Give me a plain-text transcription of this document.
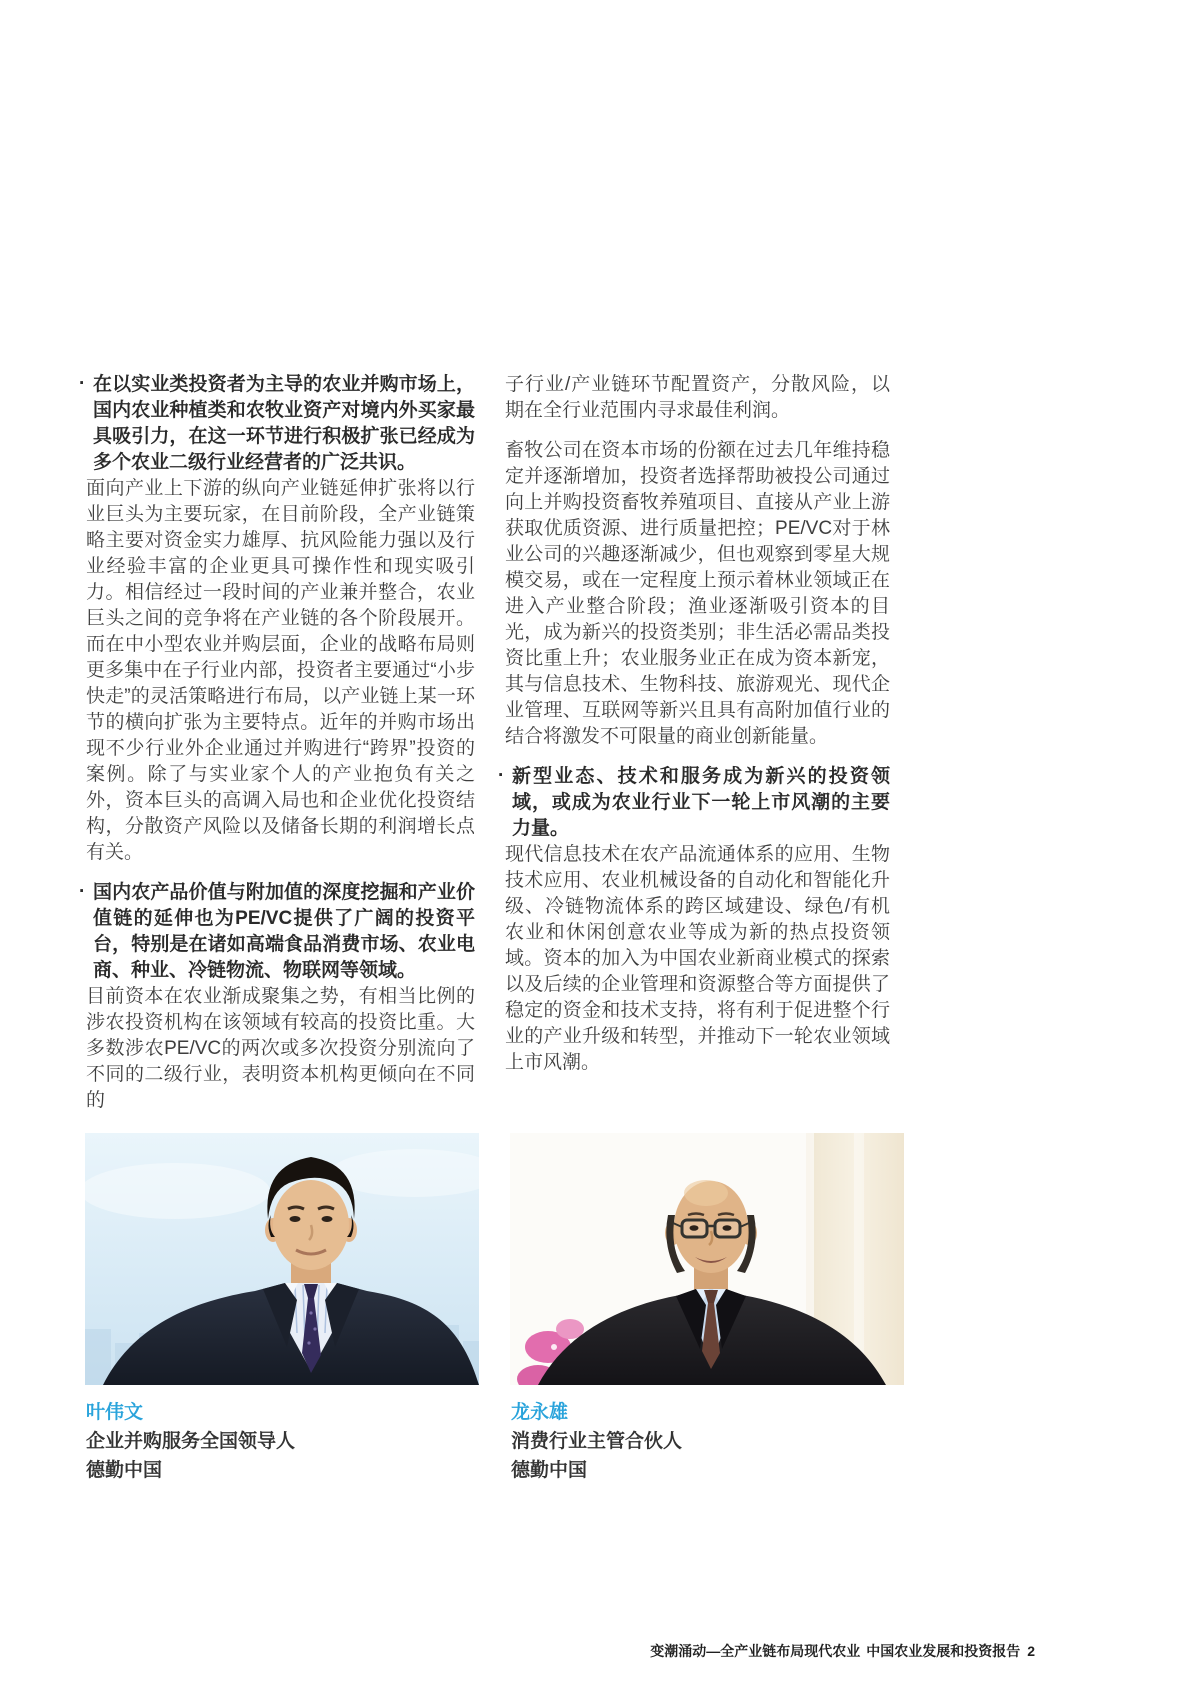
· 在以实业类投资者为主导的农业并购市场上，国内农业种植类和农牧业资产对境内外买家最具吸引力，在这一环节进行积极扩张已经成为多个农业二级行业经营者的广泛共识。

面向产业上下游的纵向产业链延伸扩张将以行业巨头为主要玩家，在目前阶段，全产业链策略主要对资金实力雄厚、抗风险能力强以及行业经验丰富的企业更具可操作性和现实吸引力。相信经过一段时间的产业兼并整合，农业巨头之间的竞争将在产业链的各个阶段展开。而在中小型农业并购层面，企业的战略布局则更多集中在子行业内部，投资者主要通过“小步快走”的灵活策略进行布局，以产业链上某一环节的横向扩张为主要特点。近年的并购市场出现不少行业外企业通过并购进行“跨界”投资的案例。除了与实业家个人的产业抱负有关之外，资本巨头的高调入局也和企业优化投资结构，分散资产风险以及储备长期的利润增长点有关。

· 国内农产品价值与附加值的深度挖掘和产业价值链的延伸也为PE/VC提供了广阔的投资平台，特别是在诸如高端食品消费市场、农业电商、种业、冷链物流、物联网等领域。

目前资本在农业渐成聚集之势，有相当比例的涉农投资机构在该领域有较高的投资比重。大多数涉农PE/VC的两次或多次投资分别流向了不同的二级行业，表明资本机构更倾向在不同的

子行业/产业链环节配置资产，分散风险，以期在全行业范围内寻求最佳利润。

畜牧公司在资本市场的份额在过去几年维持稳定并逐渐增加，投资者选择帮助被投公司通过向上并购投资畜牧养殖项目、直接从产业上游获取优质资源、进行质量把控；PE/VC对于林业公司的兴趣逐渐减少，但也观察到零星大规模交易，或在一定程度上预示着林业领域正在进入产业整合阶段；渔业逐渐吸引资本的目光，成为新兴的投资类别；非生活必需品类投资比重上升；农业服务业正在成为资本新宠，其与信息技术、生物科技、旅游观光、现代企业管理、互联网等新兴且具有高附加值行业的结合将激发不可限量的商业创新能量。

· 新型业态、技术和服务成为新兴的投资领域，或成为农业行业下一轮上市风潮的主要力量。

现代信息技术在农产品流通体系的应用、生物技术应用、农业机械设备的自动化和智能化升级、冷链物流体系的跨区域建设、绿色/有机农业和休闲创意农业等成为新的热点投资领域。资本的加入为中国农业新商业模式的探索以及后续的企业管理和资源整合等方面提供了稳定的资金和技术支持，将有利于促进整个行业的产业升级和转型，并推动下一轮农业领域上市风潮。

叶伟文
企业并购服务全国领导人
德勤中国
龙永雄
消费行业主管合伙人
德勤中国
变潮涌动—全产业链布局现代农业 中国农业发展和投资报告 2
